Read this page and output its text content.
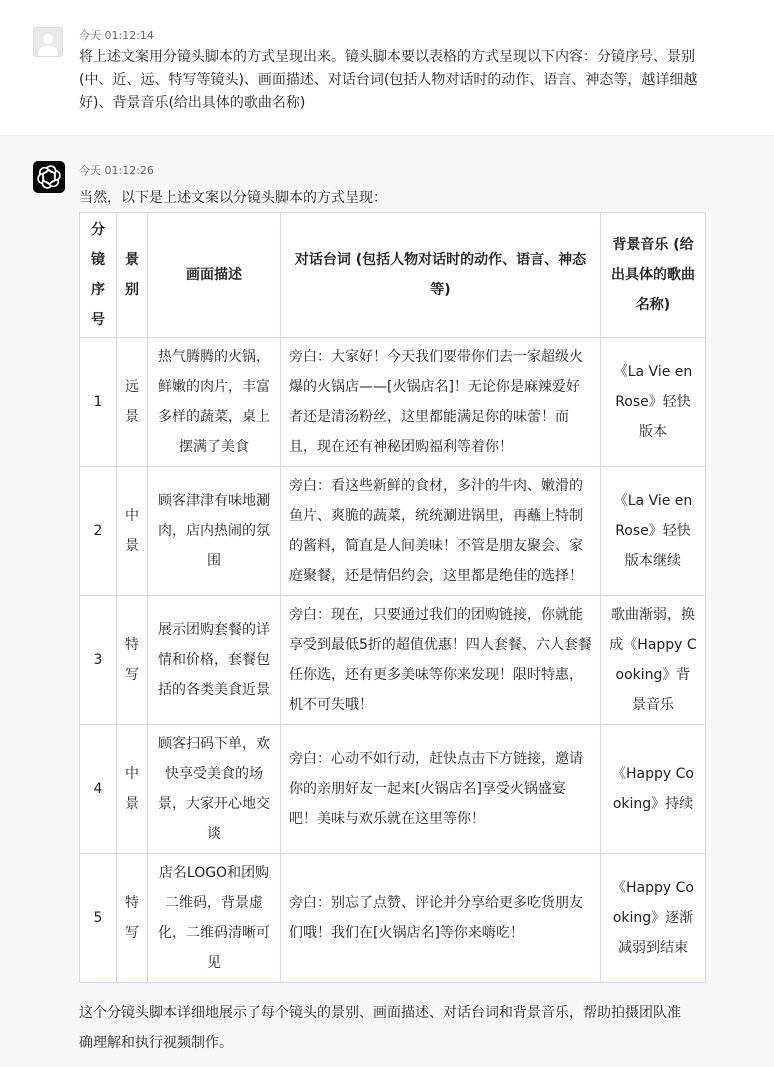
今天 01:12:14
将上述文案用分镜头脚本的方式呈现出来。镜头脚本要以表格的方式呈现以下内容：分镜序号、景别(中、近、远、特写等镜头)、画面描述、对话台词(包括人物对话时的动作、语言、神态等，越详细越好)、背景音乐(给出具体的歌曲名称)
今天 01:12:26
当然，以下是上述文案以分镜头脚本的方式呈现：
分镜序号	景别	画面描述	对话台词 (包括人物对话时的动作、语言、神态等)	背景音乐 (给出具体的歌曲名称)
1	远景	热气腾腾的火锅，鲜嫩的肉片，丰富多样的蔬菜，桌上摆满了美食	旁白：大家好！今天我们要带你们去一家超级火爆的火锅店——[火锅店名]！无论你是麻辣爱好者还是清汤粉丝，这里都能满足你的味蕾！而且，现在还有神秘团购福利等着你！	《La Vie en Rose》轻快版本
2	中景	顾客津津有味地涮肉，店内热闹的氛围	旁白：看这些新鲜的食材，多汁的牛肉、嫩滑的鱼片、爽脆的蔬菜，统统涮进锅里，再蘸上特制的酱料，简直是人间美味！不管是朋友聚会、家庭聚餐，还是情侣约会，这里都是绝佳的选择！	《La Vie en Rose》轻快版本继续
3	特写	展示团购套餐的详情和价格，套餐包括的各类美食近景	旁白：现在，只要通过我们的团购链接，你就能享受到最低5折的超值优惠！四人套餐、六人套餐任你选，还有更多美味等你来发现！限时特惠，机不可失哦！	歌曲渐弱，换成《Happy Cooking》背景音乐
4	中景	顾客扫码下单，欢快享受美食的场景，大家开心地交谈	旁白：心动不如行动，赶快点击下方链接，邀请你的亲朋好友一起来[火锅店名]享受火锅盛宴吧！美味与欢乐就在这里等你！	《Happy Cooking》持续
5	特写	店名LOGO和团购二维码，背景虚化，二维码清晰可见	旁白：别忘了点赞、评论并分享给更多吃货朋友们哦！我们在[火锅店名]等你来嗨吃！	《Happy Cooking》逐渐减弱到结束
这个分镜头脚本详细地展示了每个镜头的景别、画面描述、对话台词和背景音乐，帮助拍摄团队准确理解和执行视频制作。
